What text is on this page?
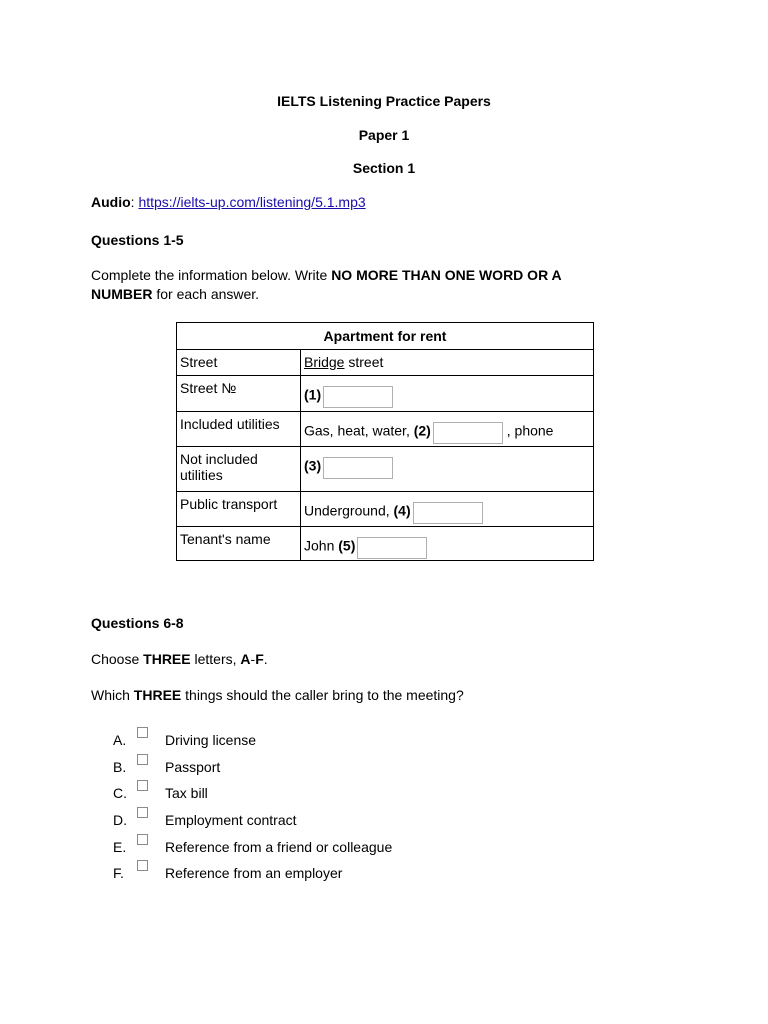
IELTS Listening Practice Papers
Paper 1
Section 1
Audio: https://ielts-up.com/listening/5.1.mp3
Questions 1-5
Complete the information below. Write NO MORE THAN ONE WORD OR A
NUMBER for each answer.
Apartment for rent	
Street	Bridge street
Street №	(1)
Included utilities	Gas, heat, water, (2) , phone
Not included
utilities	(3)
Public transport	Underground, (4)
Tenant's name	John (5)
Questions 6-8
Choose THREE letters, A-F.
Which THREE things should the caller bring to the meeting?
A.	Driving license
B.	Passport
C.	Tax bill
D.	Employment contract
E.	Reference from a friend or colleague
F.	Reference from an employer
